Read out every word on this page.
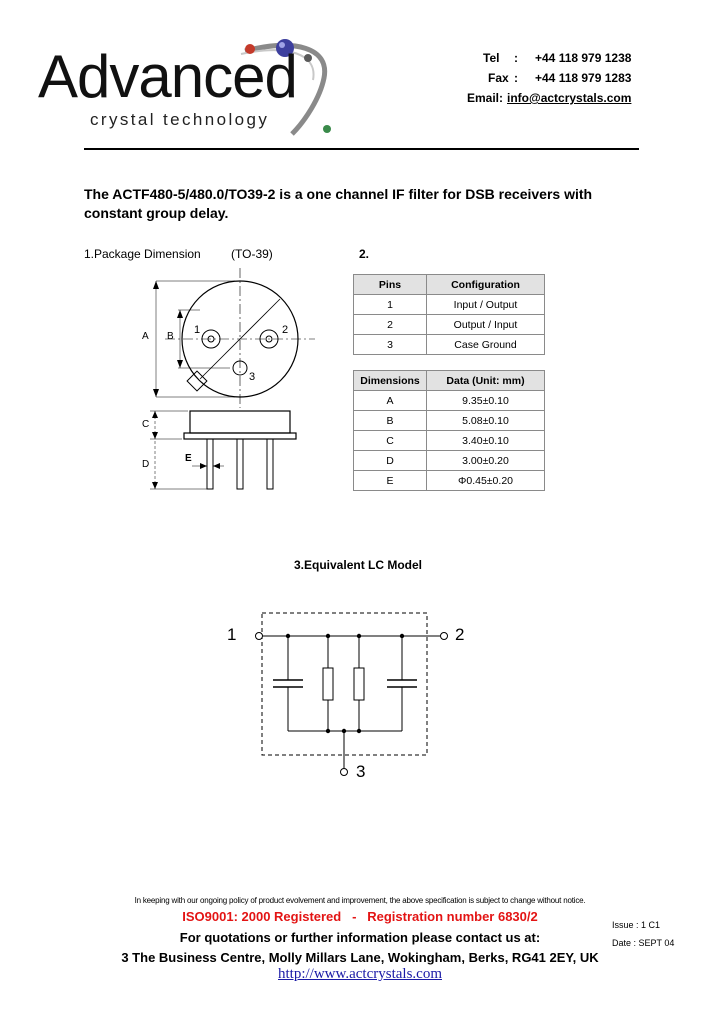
Advanced
crystal technology
Tel : +44 118 979 1238
Fax : +44 118 979 1283
Email: info@actcrystals.com
The ACTF480-5/480.0/TO39-2 is a one channel IF filter for DSB receivers with constant group delay.
1.Package Dimension	(TO-39)
A B
C
D
E
1	2
3
2.
Pins	Configuration
1	Input / Output
2	Output / Input
3	Case Ground
Dimensions	Data (Unit: mm)
A	9.35±0.10
B	5.08±0.10
C	3.40±0.10
D	3.00±0.20
E	Φ0.45±0.20
3.Equivalent LC Model
1	2
3
In keeping with our ongoing policy of product evolvement and improvement, the above specification is subject to change without notice.
ISO9001: 2000 Registered   -   Registration number 6830/2
For quotations or further information please contact us at:
3 The Business Centre, Molly Millars Lane, Wokingham, Berks, RG41 2EY, UK
http://www.actcrystals.com
Issue : 1 C1
Date : SEPT 04
